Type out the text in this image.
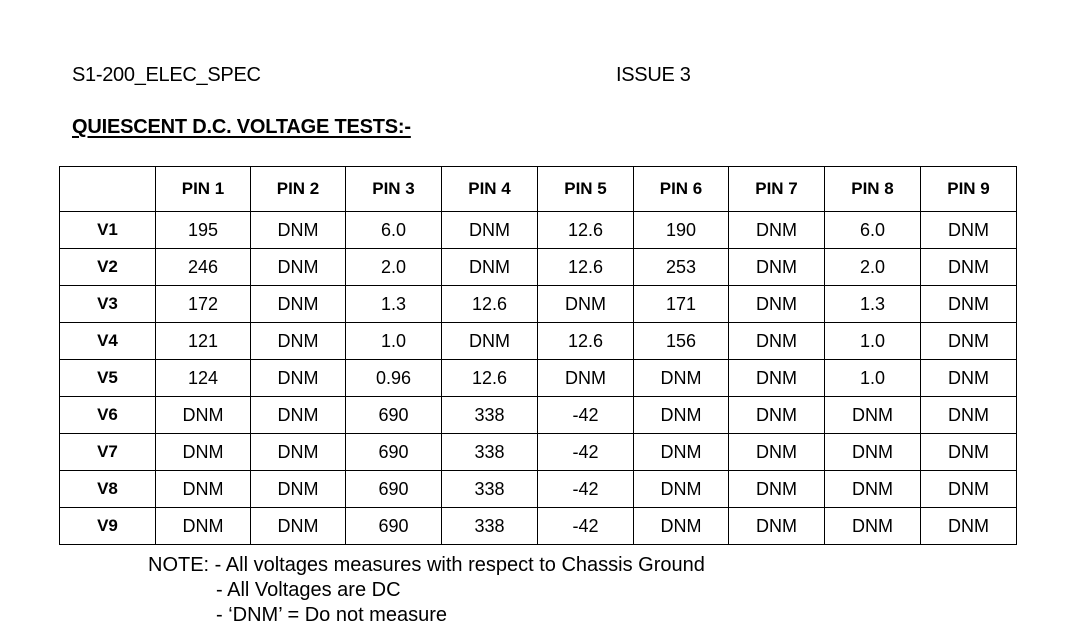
S1-200_ELEC_SPEC	ISSUE 3
QUIESCENT D.C. VOLTAGE TESTS:-
	PIN 1	PIN 2	PIN 3	PIN 4	PIN 5	PIN 6	PIN 7	PIN 8	PIN 9
V1	195	DNM	6.0	DNM	12.6	190	DNM	6.0	DNM
V2	246	DNM	2.0	DNM	12.6	253	DNM	2.0	DNM
V3	172	DNM	1.3	12.6	DNM	171	DNM	1.3	DNM
V4	121	DNM	1.0	DNM	12.6	156	DNM	1.0	DNM
V5	124	DNM	0.96	12.6	DNM	DNM	DNM	1.0	DNM
V6	DNM	DNM	690	338	-42	DNM	DNM	DNM	DNM
V7	DNM	DNM	690	338	-42	DNM	DNM	DNM	DNM
V8	DNM	DNM	690	338	-42	DNM	DNM	DNM	DNM
V9	DNM	DNM	690	338	-42	DNM	DNM	DNM	DNM
NOTE: - All voltages measures with respect to Chassis Ground
- All Voltages are DC
- ‘DNM’ = Do not measure
